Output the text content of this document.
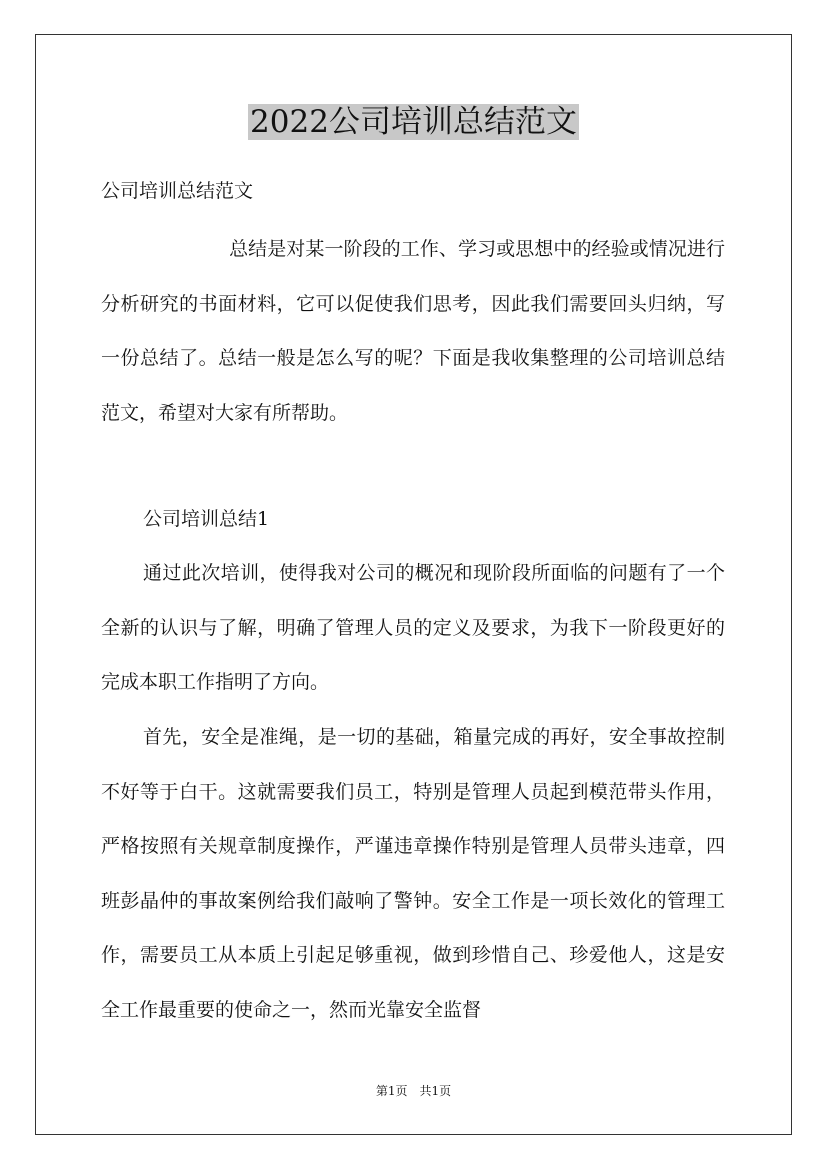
2022公司培训总结范文
公司培训总结范文

总结是对某一阶段的工作、学习或思想中的经验或情况进行分析研究的书面材料，它可以促使我们思考，因此我们需要回头归纳，写一份总结了。总结一般是怎么写的呢？下面是我收集整理的公司培训总结范文，希望对大家有所帮助。

公司培训总结1

通过此次培训，使得我对公司的概况和现阶段所面临的问题有了一个全新的认识与了解，明确了管理人员的定义及要求，为我下一阶段更好的完成本职工作指明了方向。

首先，安全是准绳，是一切的基础，箱量完成的再好，安全事故控制不好等于白干。这就需要我们员工，特别是管理人员起到模范带头作用，严格按照有关规章制度操作，严谨违章操作特别是管理人员带头违章，四班彭晶仲的事故案例给我们敲响了警钟。安全工作是一项长效化的管理工作，需要员工从本质上引起足够重视，做到珍惜自己、珍爱他人，这是安全工作最重要的使命之一，然而光靠安全监督

第1页　共1页
